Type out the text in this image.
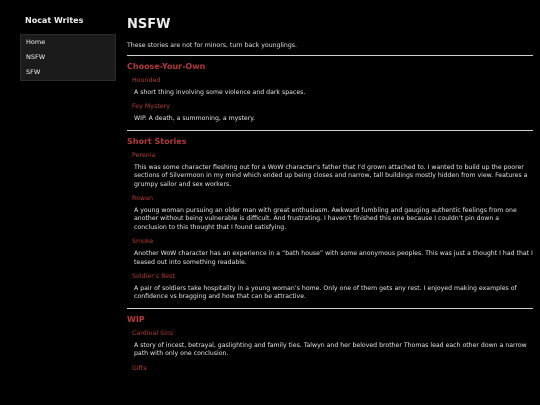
Nocat Writes
Home
NSFW
SFW
NSFW
These stories are not for minors, turn back younglings.
Choose-Your-Own
Hounded
A short thing involving some violence and dark spaces.
Fey Mystery
WIP. A death, a summoning, a mystery.
Short Stories
Perenia
This was some character fleshing out for a WoW character’s father that I’d grown attached to. I wanted to build up the poorer sections of Silvermoon in my mind which ended up being closes and narrow, tall buildings mostly hidden from view. Features a grumpy sailor and sex workers.
Rowan
A young woman pursuing an older man with great enthusiasm. Awkward fumbling and gauging authentic feelings from one another without being vulnerable is difficult. And frustrating. I haven’t finished this one because I couldn’t pin down a conclusion to this thought that I found satisfying.
Smoke
Another WoW character has an experience in a “bath house” with some anonymous peoples. This was just a thought I had that I teased out into something readable.
Soldier’s Rest
A pair of soldiers take hospitality in a young woman’s home. Only one of them gets any rest. I enjoyed making examples of confidence vs bragging and how that can be attractive.
WIP
Cardinal Sins
A story of incest, betrayal, gaslighting and family ties. Talwyn and her beloved brother Thomas lead each other down a narrow path with only one conclusion.
Gifts
